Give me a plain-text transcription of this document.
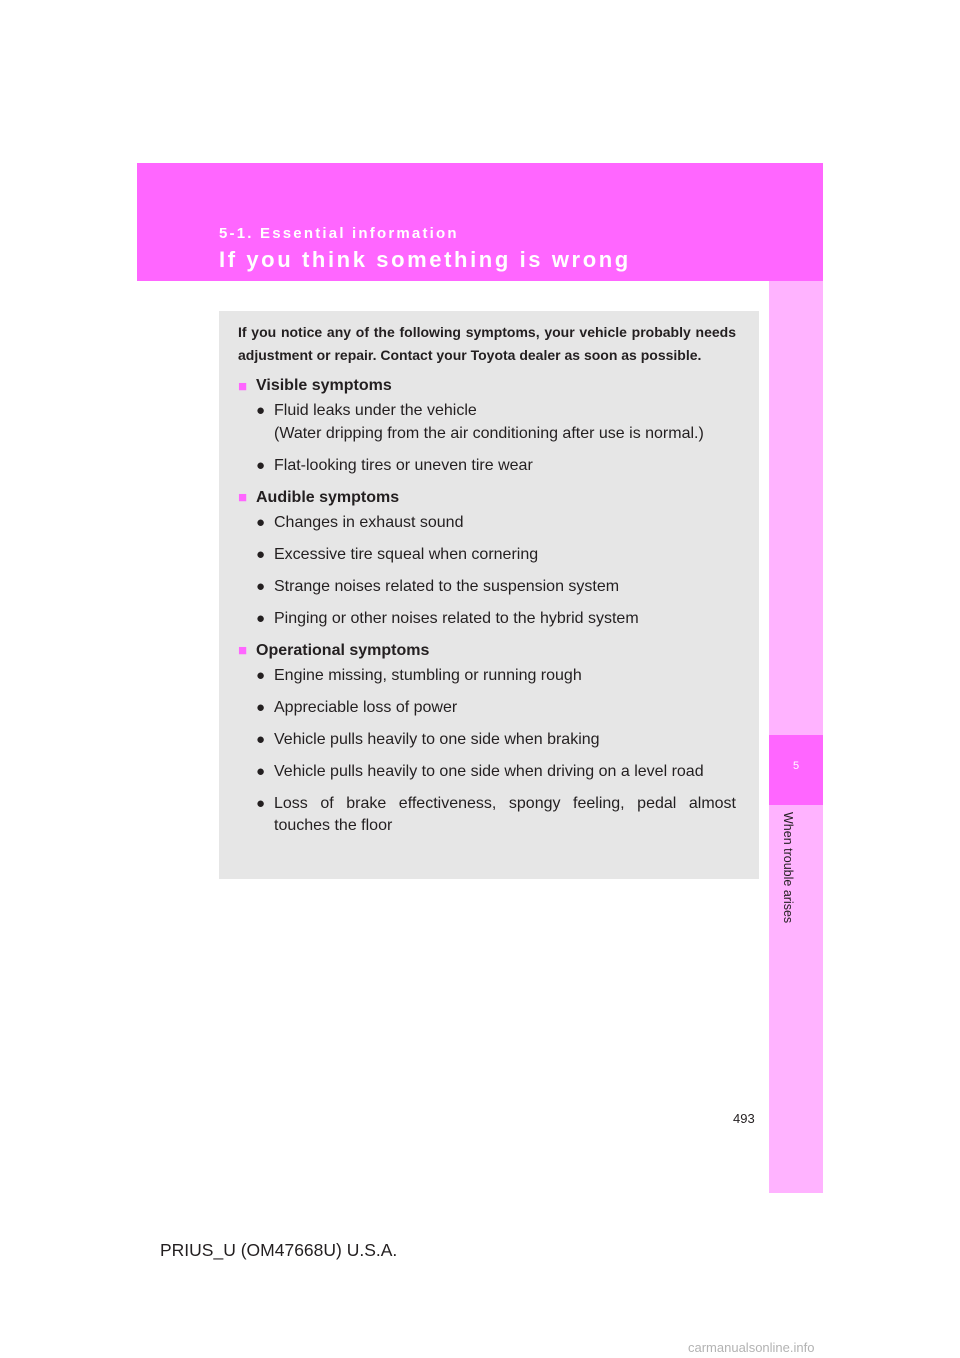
5-1. Essential information
If you think something is wrong
5
When trouble arises

If you notice any of the following symptoms, your vehicle probably needs adjustment or repair. Contact your Toyota dealer as soon as possible.

■ Visible symptoms
● Fluid leaks under the vehicle
(Water dripping from the air conditioning after use is normal.)
● Flat-looking tires or uneven tire wear
■ Audible symptoms
● Changes in exhaust sound
● Excessive tire squeal when cornering
● Strange noises related to the suspension system
● Pinging or other noises related to the hybrid system
■ Operational symptoms
● Engine missing, stumbling or running rough
● Appreciable loss of power
● Vehicle pulls heavily to one side when braking
● Vehicle pulls heavily to one side when driving on a level road
● Loss of brake effectiveness, spongy feeling, pedal almost touches the floor
493
PRIUS_U (OM47668U) U.S.A.
carmanualsonline.info
